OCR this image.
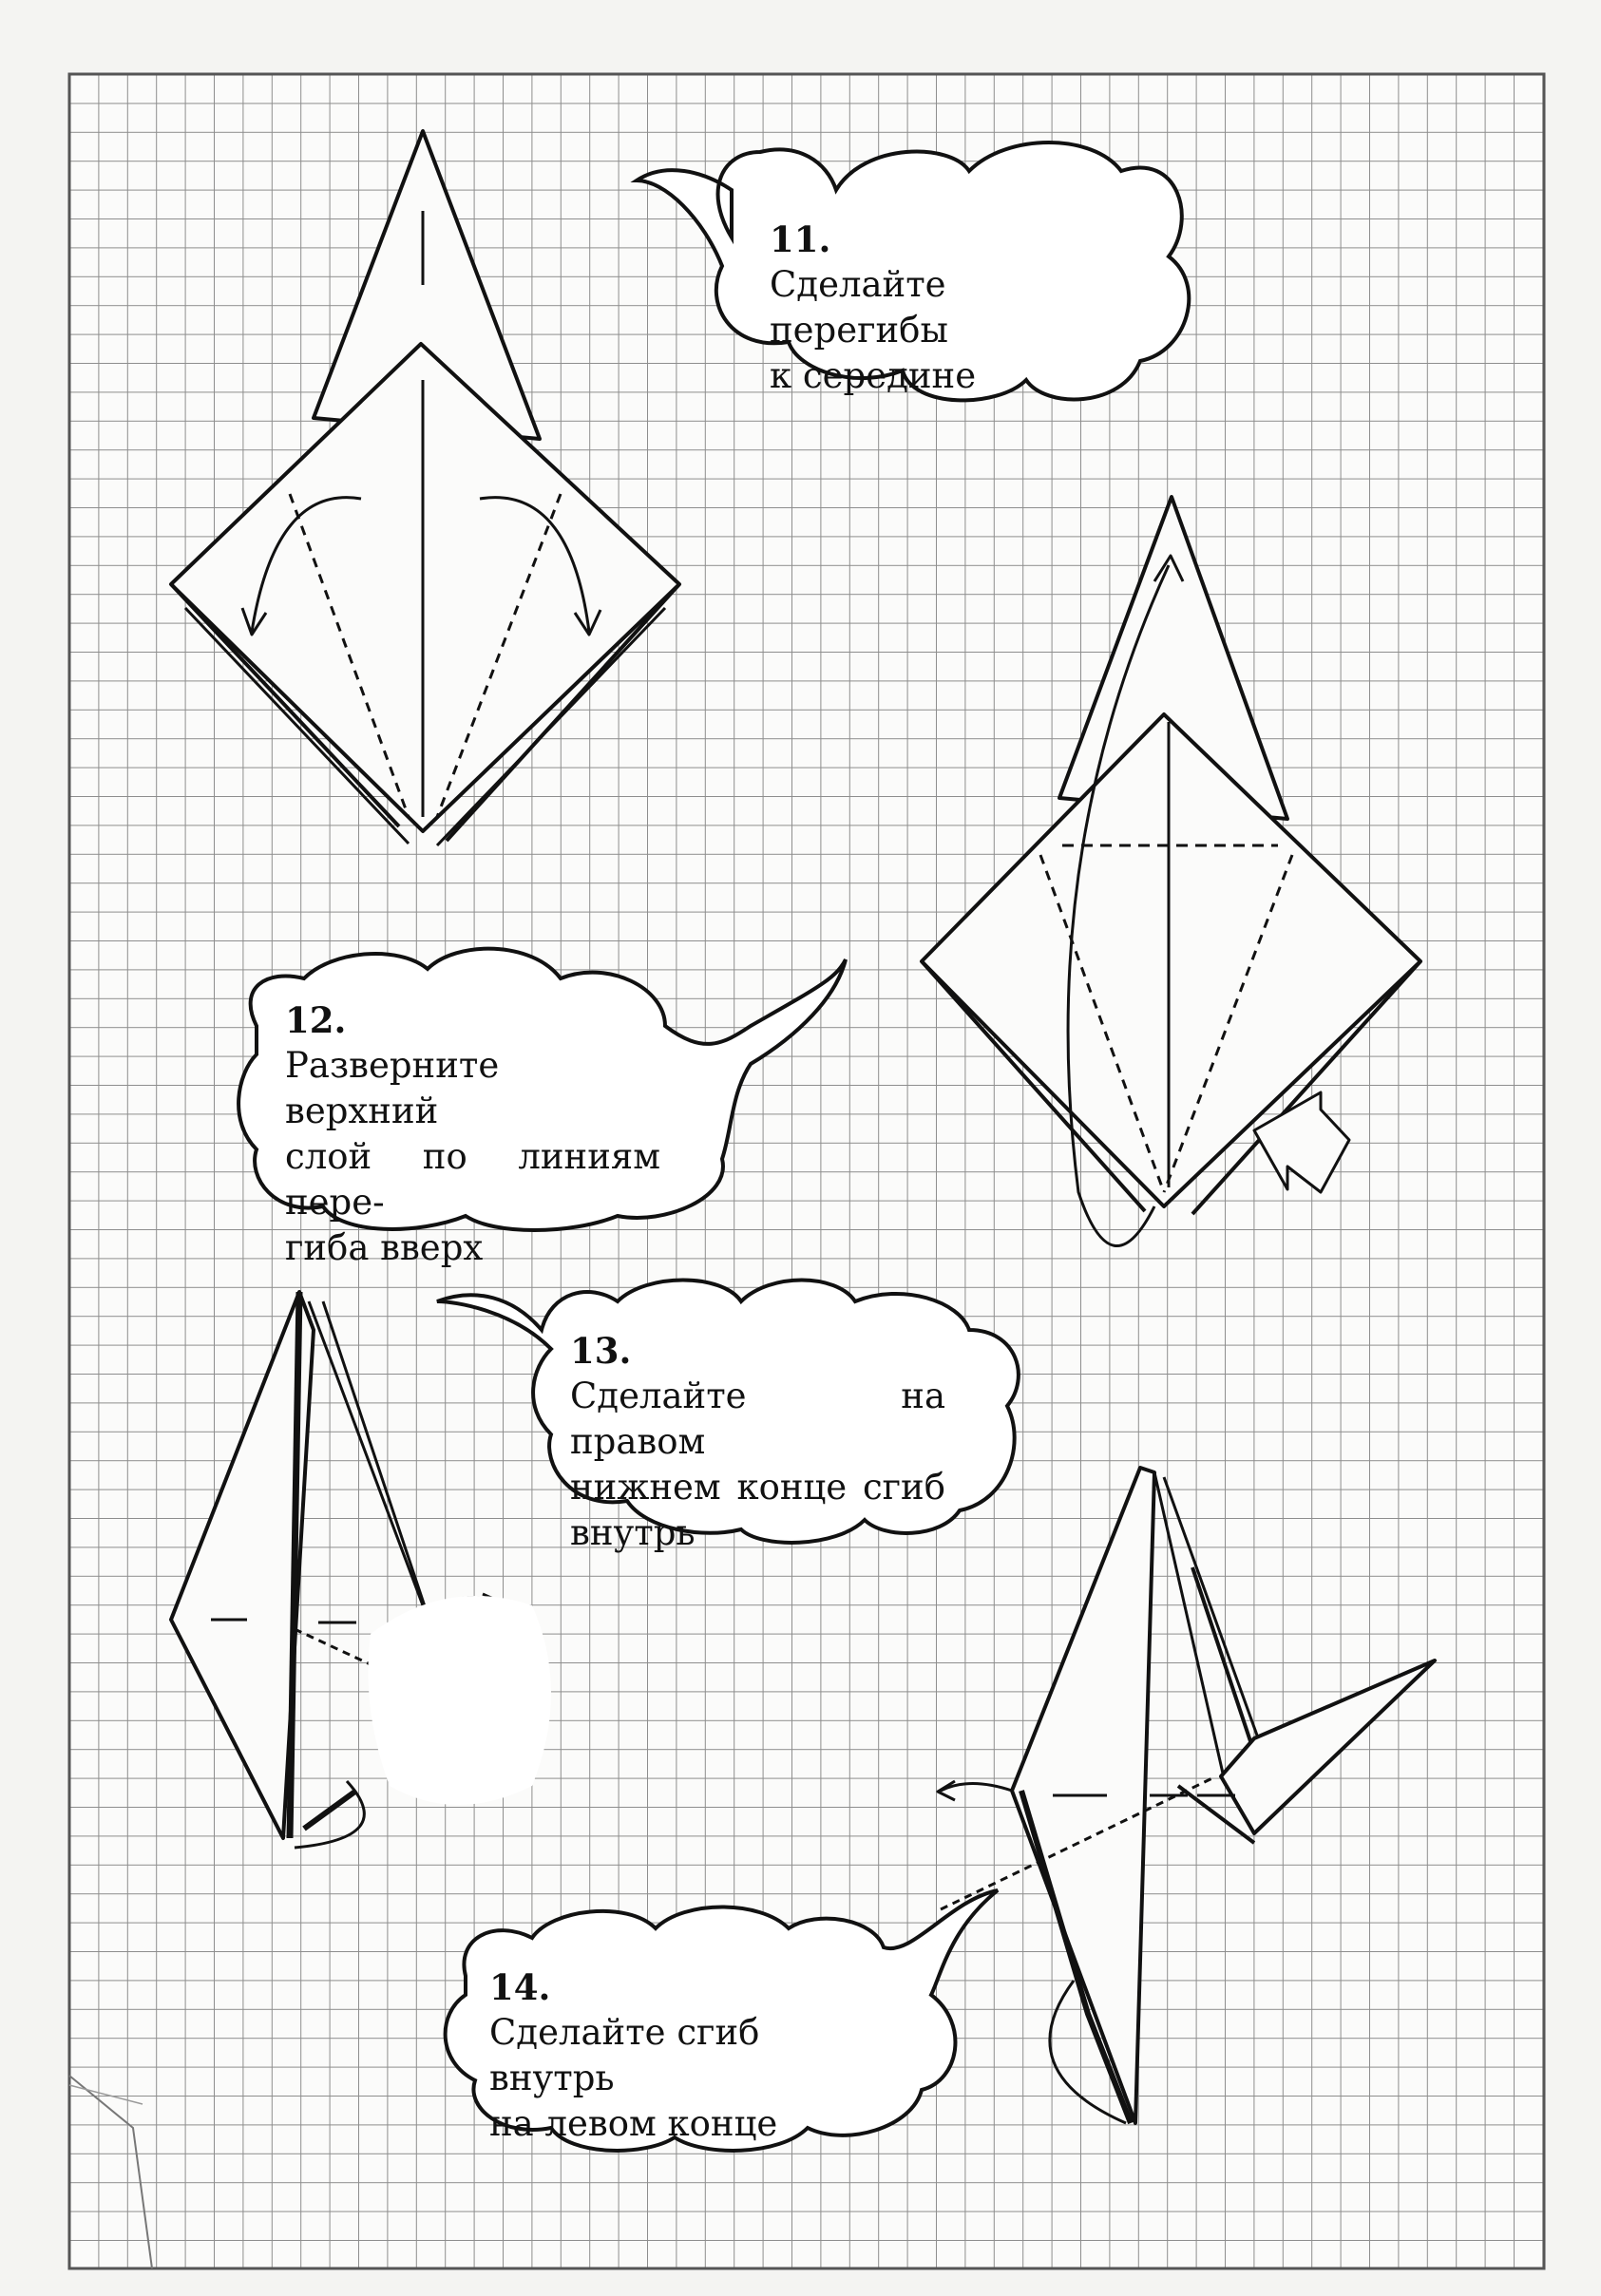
11.
Сделайте перегибы
к середине
12.
Разверните верхний
слой по линиям пере-
гиба вверх
13.
Сделайте на правом
нижнем конце сгиб
внутрь
14.
Сделайте сгиб внутрь
на левом конце
